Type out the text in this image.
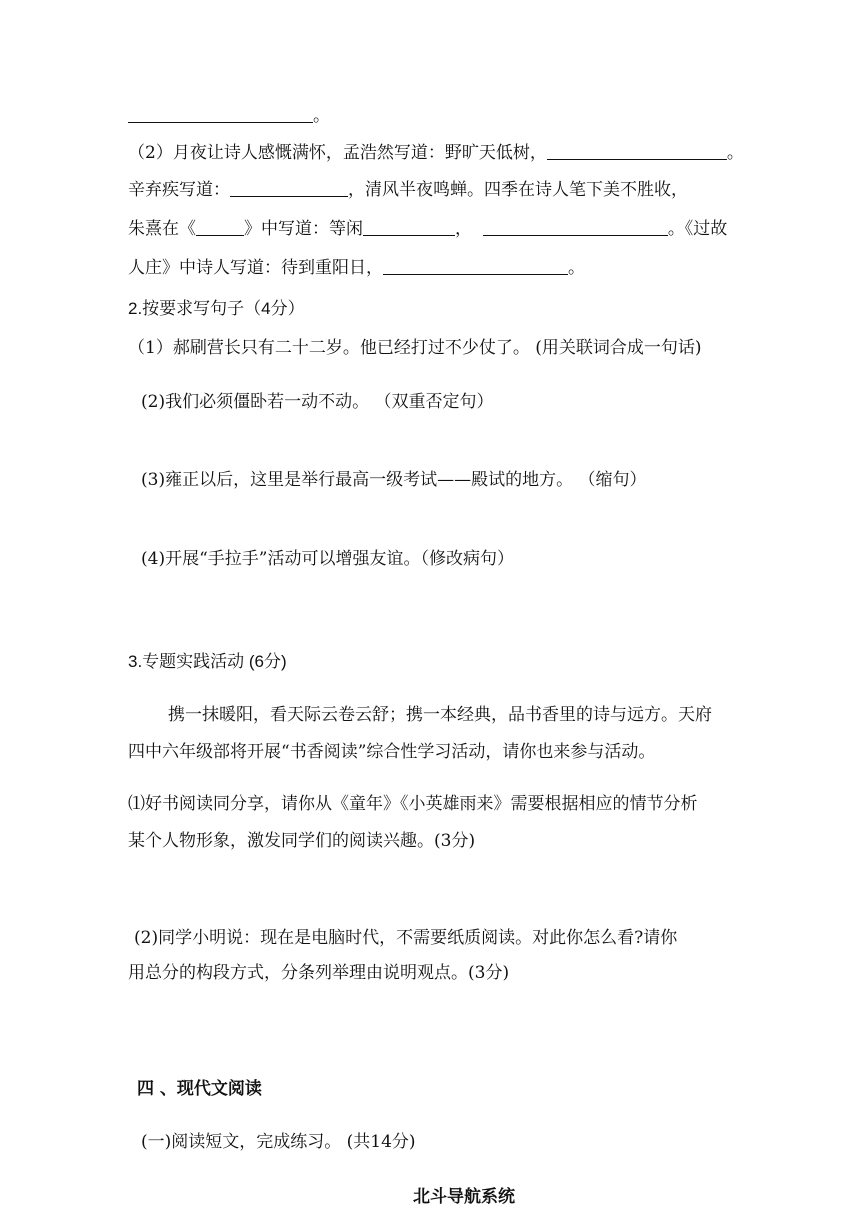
。
（2）月夜让诗人感慨满怀，孟浩然写道：野旷天低树，	。
辛弃疾写道：	，清风半夜鸣蝉。四季在诗人笔下美不胜收，
朱熹在《	》中写道：等闲	，	。《过故
人庄》中诗人写道：待到重阳日，	。
2.按要求写句子（4分）
（1）郝刷营长只有二十二岁。他已经打过不少仗了。 (用关联词合成一句话)
(2)我们必须僵卧若一动不动。 （双重否定句）
(3)雍正以后，这里是举行最高一级考试——殿试的地方。 （缩句）
(4)开展“手拉手”活动可以增强友谊。（修改病句）
3.专题实践活动 (6分)
携一抹暖阳，看天际云卷云舒；携一本经典，品书香里的诗与远方。天府
四中六年级部将开展“书香阅读”综合性学习活动，请你也来参与活动。
⑴好书阅读同分享，请你从《童年》《小英雄雨来》需要根据相应的情节分析
某个人物形象，激发同学们的阅读兴趣。(3分)
(2)同学小明说：现在是电脑时代，不需要纸质阅读。对此你怎么看?请你
用总分的构段方式，分条列举理由说明观点。(3分)
四 、现代文阅读
(一)阅读短文，完成练习。 (共14分)
北斗导航系统
